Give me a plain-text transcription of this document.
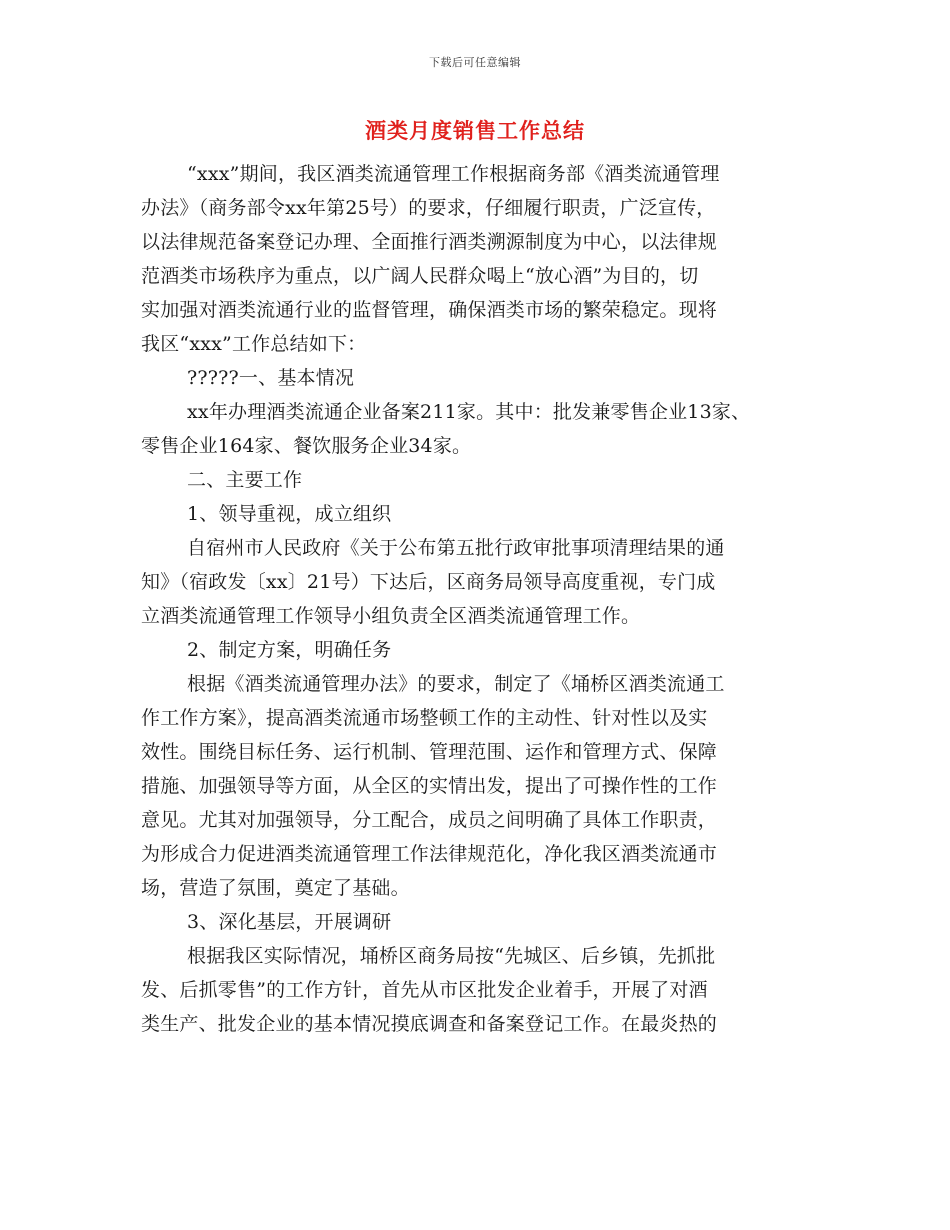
下载后可任意编辑
酒类月度销售工作总结
“xxx”期间，我区酒类流通管理工作根据商务部《酒类流通管理
办法》（商务部令xx年第25号）的要求，仔细履行职责，广泛宣传，
以法律规范备案登记办理、全面推行酒类溯源制度为中心，以法律规
范酒类市场秩序为重点，以广阔人民群众喝上“放心酒”为目的，切
实加强对酒类流通行业的监督管理，确保酒类市场的繁荣稳定。现将
我区“xxx”工作总结如下：
?????一、基本情况
xx年办理酒类流通企业备案211家。其中：批发兼零售企业13家、
零售企业164家、餐饮服务企业34家。
二、主要工作
1、领导重视，成立组织
自宿州市人民政府《关于公布第五批行政审批事项清理结果的通
知》（宿政发〔xx〕21号）下达后，区商务局领导高度重视，专门成
立酒类流通管理工作领导小组负责全区酒类流通管理工作。
2、制定方案，明确任务
根据《酒类流通管理办法》的要求，制定了《埇桥区酒类流通工
作工作方案》，提高酒类流通市场整顿工作的主动性、针对性以及实
效性。围绕目标任务、运行机制、管理范围、运作和管理方式、保障
措施、加强领导等方面，从全区的实情出发，提出了可操作性的工作
意见。尤其对加强领导，分工配合，成员之间明确了具体工作职责，
为形成合力促进酒类流通管理工作法律规范化，净化我区酒类流通市
场，营造了氛围，奠定了基础。
3、深化基层，开展调研
根据我区实际情况，埇桥区商务局按“先城区、后乡镇，先抓批
发、后抓零售”的工作方针，首先从市区批发企业着手，开展了对酒
类生产、批发企业的基本情况摸底调查和备案登记工作。在最炎热的
